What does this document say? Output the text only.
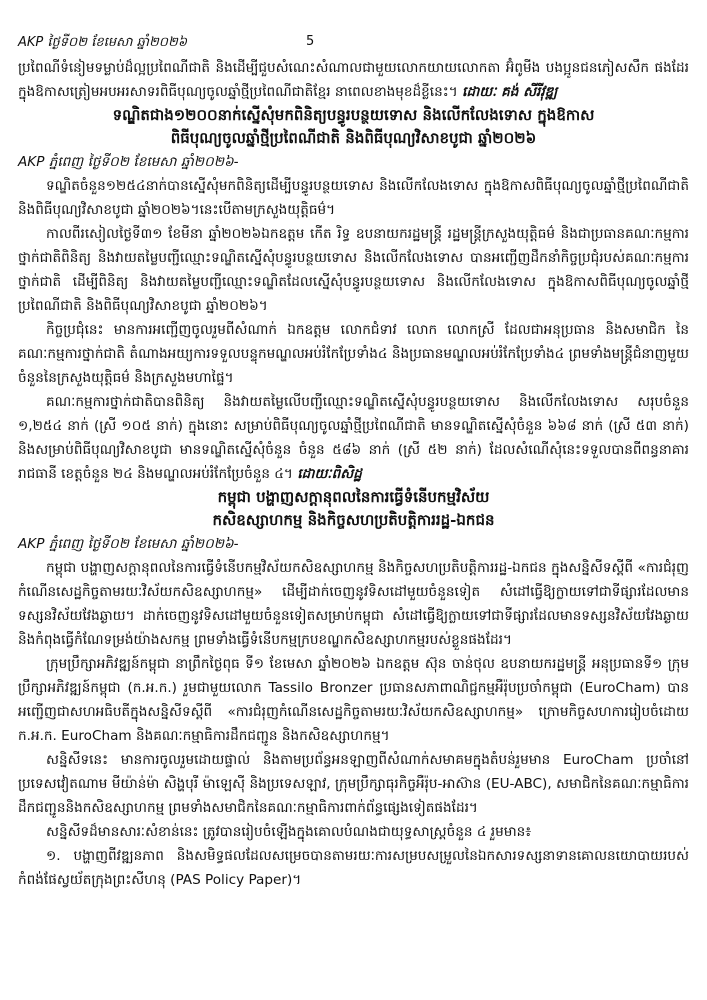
AKP ថ្ងៃទី០២ ខែមេសា ឆ្នាំ២០២៦	5

ប្រពៃណីទំនៀមទម្លាប់ដ៏ល្អប្រពៃណីជាតិ និងដើម្បីជួបសំណេះសំណាលជាមួយលោកយាយលោកតា អ៊ំពូមីង បងប្អូនជនភៀសសឹក ផងដែរ ក្នុងឱកាសត្រៀមអបអរសាទរពិធីបុណ្យចូលឆ្នាំថ្មីប្រពៃណីជាតិខ្មែរ នាពេលខាងមុខដ៏ខ្លីនេះ។ ដោយៈ គង់ សីរីវុឌ្ឍ

ទណ្ឌិតជាង១២០០នាក់ស្នើសុំមកពិនិត្យបន្ធូរបន្ថយទោស និងលើកលែងទោស ក្នុងឱកាស
ពិធីបុណ្យចូលឆ្នាំថ្មីប្រពៃណីជាតិ និងពិធីបុណ្យវិសាខបូជា ឆ្នាំ២០២៦
AKP ភ្នំពេញ ថ្ងៃទី០២ ខែមេសា ឆ្នាំ២០២៦-

ទណ្ឌិតចំនួន១២៥៤នាក់បានស្នើសុំមកពិនិត្យដើម្បីបន្ធូរបន្ថយទោស និងលើកលែងទោស ក្នុងឱកាសពិធីបុណ្យចូលឆ្នាំថ្មីប្រពៃណីជាតិ និងពិធីបុណ្យវិសាខបូជា ឆ្នាំ២០២៦។នេះបើតាមក្រសួងយុត្តិធម៌។

កាលពីរសៀលថ្ងៃទី៣១ ខែមីនា ឆ្នាំ២០២៦ឯកឧត្តម កើត រិទ្ធ ឧបនាយករដ្ឋមន្ត្រី រដ្ឋមន្ត្រីក្រសួងយុត្តិធម៌ និងជាប្រធានគណៈកម្មការថ្នាក់ជាតិពិនិត្យ និងវាយតម្លៃបញ្ជីឈ្មោះទណ្ឌិតស្នើសុំបន្ធូរបន្ថយទោស និងលើកលែងទោស បានអញ្ជើញដឹកនាំកិច្ចប្រជុំរបស់គណៈកម្មការថ្នាក់ជាតិ ដើម្បីពិនិត្យ និងវាយតម្លៃបញ្ជីឈ្មោះទណ្ឌិតដែលស្នើសុំបន្ធូរបន្ថយទោស និងលើកលែងទោស ក្នុងឱកាសពិធីបុណ្យចូលឆ្នាំថ្មីប្រពៃណីជាតិ និងពិធីបុណ្យវិសាខបូជា ឆ្នាំ២០២៦។

កិច្ចប្រជុំនេះ មានការអញ្ជើញចូលរួមពីសំណាក់ ឯកឧត្តម លោកជំទាវ លោក លោកស្រី ដែលជាអនុប្រធាន និងសមាជិក នៃគណៈកម្មការថ្នាក់ជាតិ តំណាងអយ្យការទទួលបន្ទុកមណ្ឌលអប់រំកែប្រែទាំង៤ និងប្រធានមណ្ឌលអប់រំកែប្រែទាំង៤ ព្រមទាំងមន្ត្រីជំនាញមួយចំនួននៃក្រសួងយុត្តិធម៌ និងក្រសួងមហាផ្ទៃ។

គណៈកម្មការថ្នាក់ជាតិបានពិនិត្យ និងវាយតម្លៃលើបញ្ជីឈ្មោះទណ្ឌិតស្នើសុំបន្ធូរបន្ថយទោស និងលើកលែងទោស សរុបចំនួន ១,២៥៤ នាក់ (ស្រី ១០៥ នាក់) ក្នុងនោះ សម្រាប់ពិធីបុណ្យចូលឆ្នាំថ្មីប្រពៃណីជាតិ មានទណ្ឌិតស្នើសុំចំនួន ៦៦៨ នាក់ (ស្រី ៥៣ នាក់) និងសម្រាប់ពិធីបុណ្យវិសាខបូជា មានទណ្ឌិតស្នើសុំចំនួន ចំនួន ៥៨៦ នាក់ (ស្រី ៥២ នាក់) ដែលសំណើសុំនេះទទួលបានពីពន្ធនាគារ រាជធានី ខេត្តចំនួន ២៤ និងមណ្ឌលអប់រំកែប្រែចំនួន ៤។ ដោយៈពិសិដ្ឋ

កម្ពុជា បង្ហាញសក្តានុពលនៃការធ្វើទំនើបកម្មវិស័យ
កសិឧស្សាហកម្ម និងកិច្ចសហប្រតិបត្តិការរដ្ឋ-ឯកជន
AKP ភ្នំពេញ ថ្ងៃទី០២ ខែមេសា ឆ្នាំ២០២៦-

កម្ពុជា បង្ហាញសក្តានុពលនៃការធ្វើទំនើបកម្មវិស័យកសិឧស្សាហកម្ម និងកិច្ចសហប្រតិបត្តិការរដ្ឋ-ឯកជន ក្នុងសន្និសីទស្តីពី «ការជំរុញកំណើនសេដ្ឋកិច្ចតាមរយៈវិស័យកសិឧស្សាហកម្ម» ដើម្បីដាក់ចេញនូវទិសដៅមួយចំនួនទៀត សំដៅធ្វើឱ្យក្លាយទៅជាទីផ្សារដែលមានទស្សនវិស័យវែងឆ្ងាយ។ ដាក់ចេញនូវទិសដៅមួយចំនួនទៀតសម្រាប់កម្ពុជា សំដៅធ្វើឱ្យក្លាយទៅជាទីផ្សារដែលមានទស្សនវិស័យវែងឆ្ងាយ និងកំពុងធ្វើកំណែទម្រង់យ៉ាងសកម្ម ព្រមទាំងធ្វើទំនើបកម្មក្របខណ្ឌកសិឧស្សាហកម្មរបស់ខ្លួនផងដែរ។

ក្រុមប្រឹក្សាអភិវឌ្ឍន៍កម្ពុជា នាព្រឹកថ្ងៃពុធ ទី១ ខែមេសា ឆ្នាំ២០២៦ ឯកឧត្តម ស៊ុន ចាន់ថុល ឧបនាយករដ្ឋមន្ត្រី អនុប្រធានទី១ ក្រុមប្រឹក្សាអភិវឌ្ឍន៍កម្ពុជា (ក.អ.ក.) រួមជាមួយលោក Tassilo Bronzer ប្រធានសភាពាណិជ្ជកម្មអឺរ៉ុបប្រចាំកម្ពុជា (EuroCham) បានអញ្ជើញជាសហអធិបតីក្នុងសន្និសីទស្តីពី «ការជំរុញកំណើនសេដ្ឋកិច្ចតាមរយៈវិស័យកសិឧស្សាហកម្ម» ក្រោមកិច្ចសហការរៀបចំដោយ ក.អ.ក. EuroCham និងគណៈកម្មាធិការដឹកជញ្ជូន និងកសិឧស្សាហកម្ម។

សន្និសីទនេះ មានការចូលរួមដោយផ្ទាល់ និងតាមប្រព័ន្ធអនឡាញពីសំណាក់សមាគមក្នុងតំបន់រួមមាន EuroCham ប្រចាំនៅប្រទេសវៀតណាម មីយ៉ាន់ម៉ា សិង្ហបុរី ម៉ាឡេស៊ី និងប្រទេសឡាវ, ក្រុមប្រឹក្សាធុរកិច្ចអឺរ៉ុប-អាស៊ាន (EU-ABC), សមាជិកនៃគណៈកម្មាធិការដឹកជញ្ជូននិងកសិឧស្សាហកម្ម ព្រមទាំងសមាជិកនៃគណៈកម្មាធិការពាក់ព័ន្ធផ្សេងទៀតផងដែរ។

សន្និសីទដ៏មានសារៈសំខាន់នេះ ត្រូវបានរៀបចំឡើងក្នុងគោលបំណងជាយុទ្ធសាស្ត្រចំនួន ៤ រួមមាន៖

១. បង្ហាញពីវឌ្ឍនភាព និងសមិទ្ធផលដែលសម្រេចបានតាមរយៈការសម្របសម្រួលនៃឯកសារទស្សនាទានគោលនយោបាយរបស់កំពង់ផែស្វយ័តក្រុងព្រះសីហនុ (PAS Policy Paper)។
